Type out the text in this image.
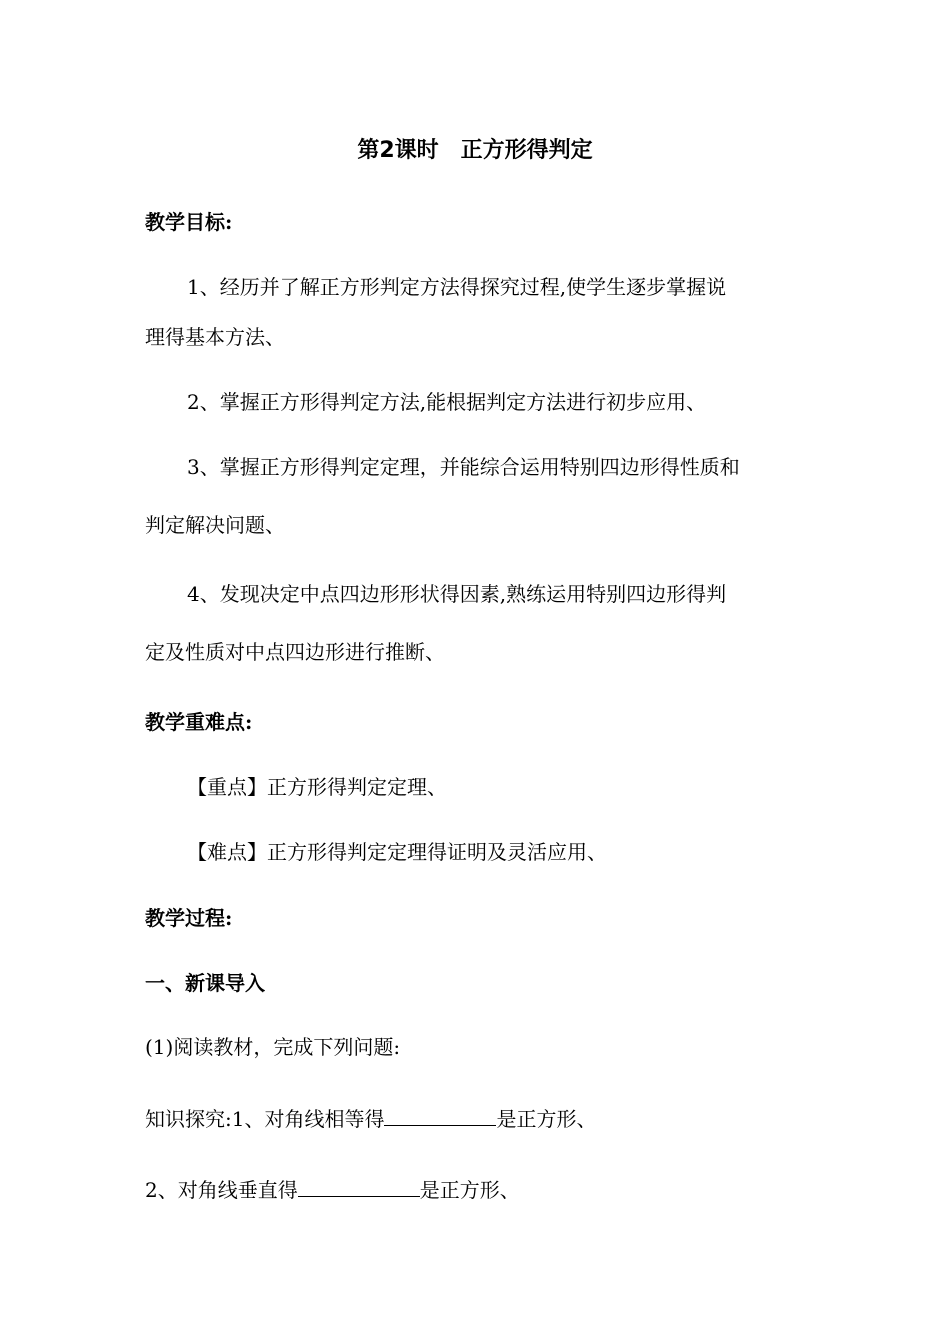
第2课时　正方形得判定
教学目标:
1、经历并了解正方形判定方法得探究过程,使学生逐步掌握说
理得基本方法、
2、掌握正方形得判定方法,能根据判定方法进行初步应用、
3、掌握正方形得判定定理，并能综合运用特别四边形得性质和
判定解决问题、
4、发现决定中点四边形形状得因素,熟练运用特别四边形得判
定及性质对中点四边形进行推断、
教学重难点:
【重点】正方形得判定定理、
【难点】正方形得判定定理得证明及灵活应用、
教学过程:
一、新课导入
(1)阅读教材，完成下列问题:
知识探究:1、对角线相等得	是正方形、
2、对角线垂直得	是正方形、
